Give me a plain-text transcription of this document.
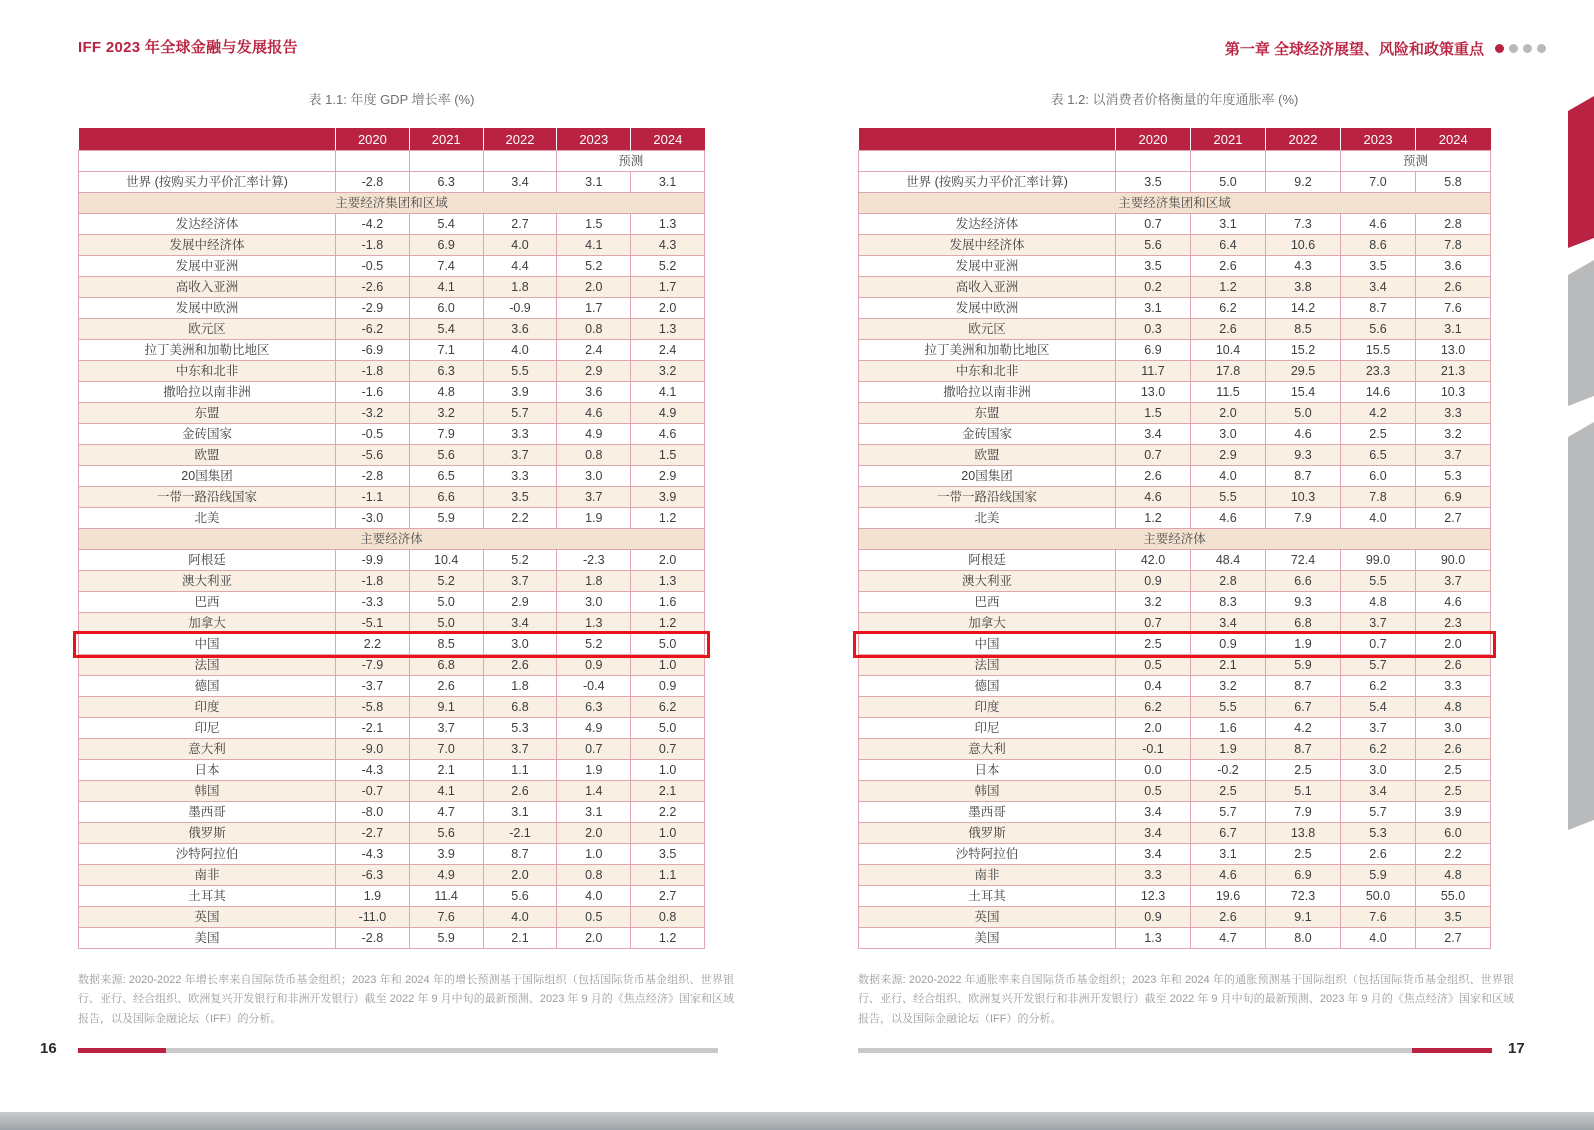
IFF 2023 年全球金融与发展报告	第一章 全球经济展望、风险和政策重点
表 1.1: 年度 GDP 增长率 (%)
	2020	2021	2022	2023	2024
				预测	
世界 (按购买力平价汇率计算)	-2.8	6.3	3.4	3.1	3.1
主要经济集团和区域					
发达经济体	-4.2	5.4	2.7	1.5	1.3
发展中经济体	-1.8	6.9	4.0	4.1	4.3
发展中亚洲	-0.5	7.4	4.4	5.2	5.2
高收入亚洲	-2.6	4.1	1.8	2.0	1.7
发展中欧洲	-2.9	6.0	-0.9	1.7	2.0
欧元区	-6.2	5.4	3.6	0.8	1.3
拉丁美洲和加勒比地区	-6.9	7.1	4.0	2.4	2.4
中东和北非	-1.8	6.3	5.5	2.9	3.2
撒哈拉以南非洲	-1.6	4.8	3.9	3.6	4.1
东盟	-3.2	3.2	5.7	4.6	4.9
金砖国家	-0.5	7.9	3.3	4.9	4.6
欧盟	-5.6	5.6	3.7	0.8	1.5
20国集团	-2.8	6.5	3.3	3.0	2.9
一带一路沿线国家	-1.1	6.6	3.5	3.7	3.9
北美	-3.0	5.9	2.2	1.9	1.2
主要经济体					
阿根廷	-9.9	10.4	5.2	-2.3	2.0
澳大利亚	-1.8	5.2	3.7	1.8	1.3
巴西	-3.3	5.0	2.9	3.0	1.6
加拿大	-5.1	5.0	3.4	1.3	1.2
中国	2.2	8.5	3.0	5.2	5.0
法国	-7.9	6.8	2.6	0.9	1.0
德国	-3.7	2.6	1.8	-0.4	0.9
印度	-5.8	9.1	6.8	6.3	6.2
印尼	-2.1	3.7	5.3	4.9	5.0
意大利	-9.0	7.0	3.7	0.7	0.7
日本	-4.3	2.1	1.1	1.9	1.0
韩国	-0.7	4.1	2.6	1.4	2.1
墨西哥	-8.0	4.7	3.1	3.1	2.2
俄罗斯	-2.7	5.6	-2.1	2.0	1.0
沙特阿拉伯	-4.3	3.9	8.7	1.0	3.5
南非	-6.3	4.9	2.0	0.8	1.1
土耳其	1.9	11.4	5.6	4.0	2.7
英国	-11.0	7.6	4.0	0.5	0.8
美国	-2.8	5.9	2.1	2.0	1.2
表 1.2: 以消费者价格衡量的年度通胀率 (%)
	2020	2021	2022	2023	2024
				预测	
世界 (按购买力平价汇率计算)	3.5	5.0	9.2	7.0	5.8
主要经济集团和区域					
发达经济体	0.7	3.1	7.3	4.6	2.8
发展中经济体	5.6	6.4	10.6	8.6	7.8
发展中亚洲	3.5	2.6	4.3	3.5	3.6
高收入亚洲	0.2	1.2	3.8	3.4	2.6
发展中欧洲	3.1	6.2	14.2	8.7	7.6
欧元区	0.3	2.6	8.5	5.6	3.1
拉丁美洲和加勒比地区	6.9	10.4	15.2	15.5	13.0
中东和北非	11.7	17.8	29.5	23.3	21.3
撒哈拉以南非洲	13.0	11.5	15.4	14.6	10.3
东盟	1.5	2.0	5.0	4.2	3.3
金砖国家	3.4	3.0	4.6	2.5	3.2
欧盟	0.7	2.9	9.3	6.5	3.7
20国集团	2.6	4.0	8.7	6.0	5.3
一带一路沿线国家	4.6	5.5	10.3	7.8	6.9
北美	1.2	4.6	7.9	4.0	2.7
主要经济体					
阿根廷	42.0	48.4	72.4	99.0	90.0
澳大利亚	0.9	2.8	6.6	5.5	3.7
巴西	3.2	8.3	9.3	4.8	4.6
加拿大	0.7	3.4	6.8	3.7	2.3
中国	2.5	0.9	1.9	0.7	2.0
法国	0.5	2.1	5.9	5.7	2.6
德国	0.4	3.2	8.7	6.2	3.3
印度	6.2	5.5	6.7	5.4	4.8
印尼	2.0	1.6	4.2	3.7	3.0
意大利	-0.1	1.9	8.7	6.2	2.6
日本	0.0	-0.2	2.5	3.0	2.5
韩国	0.5	2.5	5.1	3.4	2.5
墨西哥	3.4	5.7	7.9	5.7	3.9
俄罗斯	3.4	6.7	13.8	5.3	6.0
沙特阿拉伯	3.4	3.1	2.5	2.6	2.2
南非	3.3	4.6	6.9	5.9	4.8
土耳其	12.3	19.6	72.3	50.0	55.0
英国	0.9	2.6	9.1	7.6	3.5
美国	1.3	4.7	8.0	4.0	2.7
数据来源: 2020-2022 年增长率来自国际货币基金组织；2023 年和 2024 年的增长预测基于国际组织（包括国际货币基金组织、世界银行、亚行、经合组织、欧洲复兴开发银行和非洲开发银行）截至 2022 年 9 月中旬的最新预测、2023 年 9 月的《焦点经济》国家和区域报告，以及国际金融论坛（IFF）的分析。
数据来源: 2020-2022 年通胀率来自国际货币基金组织；2023 年和 2024 年的通胀预测基于国际组织（包括国际货币基金组织、世界银行、亚行、经合组织、欧洲复兴开发银行和非洲开发银行）截至 2022 年 9 月中旬的最新预测、2023 年 9 月的《焦点经济》国家和区域报告，以及国际金融论坛（IFF）的分析。
16	17
